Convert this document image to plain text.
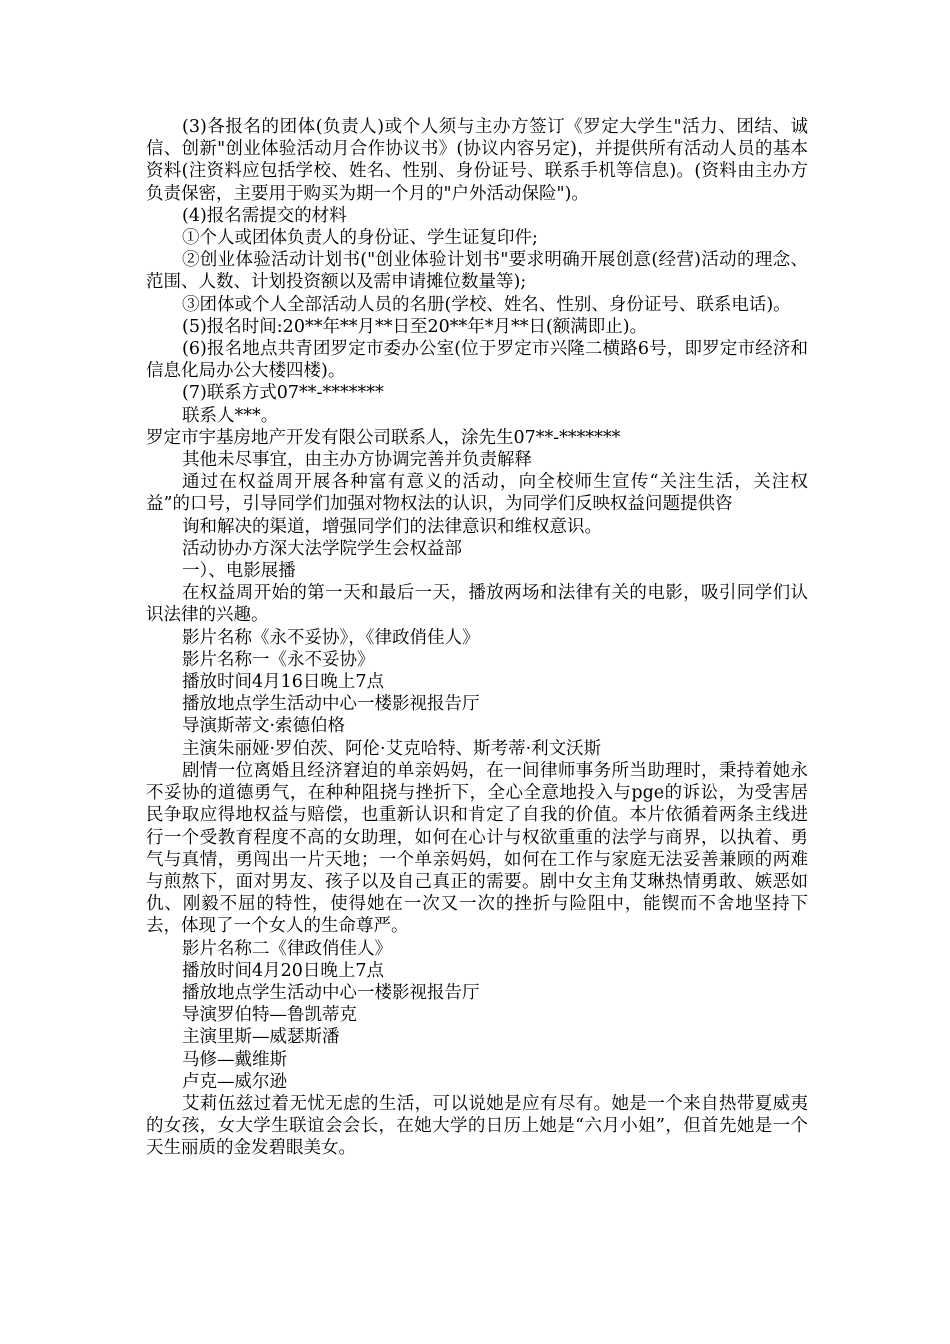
(3)各报名的团体(负责人)或个人须与主办方签订《罗定大学生"活力、团结、诚信、创新"创业体验活动月合作协议书》(协议内容另定)，并提供所有活动人员的基本资料(注资料应包括学校、姓名、性别、身份证号、联系手机等信息)。(资料由主办方负责保密，主要用于购买为期一个月的"户外活动保险")。

(4)报名需提交的材料

①个人或团体负责人的身份证、学生证复印件;

②创业体验活动计划书("创业体验计划书"要求明确开展创意(经营)活动的理念、范围、人数、计划投资额以及需申请摊位数量等);

③团体或个人全部活动人员的名册(学校、姓名、性别、身份证号、联系电话)。

(5)报名时间:20**年**月**日至20**年*月**日(额满即止)。

(6)报名地点共青团罗定市委办公室(位于罗定市兴隆二横路6号，即罗定市经济和信息化局办公大楼四楼)。

(7)联系方式07**-*******

联系人***。

罗定市宇基房地产开发有限公司联系人，涂先生07**-*******

其他未尽事宜，由主办方协调完善并负责解释

通过在权益周开展各种富有意义的活动，向全校师生宣传“关注生活，关注权益”的口号，引导同学们加强对物权法的认识，为同学们反映权益问题提供咨

询和解决的渠道，增强同学们的法律意识和维权意识。

活动协办方深大法学院学生会权益部

一）、电影展播

在权益周开始的第一天和最后一天，播放两场和法律有关的电影，吸引同学们认识法律的兴趣。

影片名称《永不妥协》，《律政俏佳人》

影片名称一《永不妥协》

播放时间4月16日晚上7点

播放地点学生活动中心一楼影视报告厅

导演斯蒂文·索德伯格

主演朱丽娅·罗伯茨、阿伦·艾克哈特、斯考蒂·利文沃斯

剧情一位离婚且经济窘迫的单亲妈妈，在一间律师事务所当助理时，秉持着她永不妥协的道德勇气，在种种阻挠与挫折下，全心全意地投入与pge的诉讼，为受害居民争取应得地权益与赔偿，也重新认识和肯定了自我的价值。本片依循着两条主线进行一个受教育程度不高的女助理，如何在心计与权欲重重的法学与商界，以执着、勇气与真情，勇闯出一片天地；一个单亲妈妈，如何在工作与家庭无法妥善兼顾的两难与煎熬下，面对男友、孩子以及自己真正的需要。剧中女主角艾琳热情勇敢、嫉恶如仇、刚毅不屈的特性，使得她在一次又一次的挫折与险阻中，能锲而不舍地坚持下去，体现了一个女人的生命尊严。

影片名称二《律政俏佳人》

播放时间4月20日晚上7点

播放地点学生活动中心一楼影视报告厅

导演罗伯特—鲁凯蒂克

主演里斯—威瑟斯潘

马修—戴维斯

卢克—威尔逊

艾莉伍兹过着无忧无虑的生活，可以说她是应有尽有。她是一个来自热带夏威夷的女孩，女大学生联谊会会长，在她大学的日历上她是“六月小姐”，但首先她是一个天生丽质的金发碧眼美女。
